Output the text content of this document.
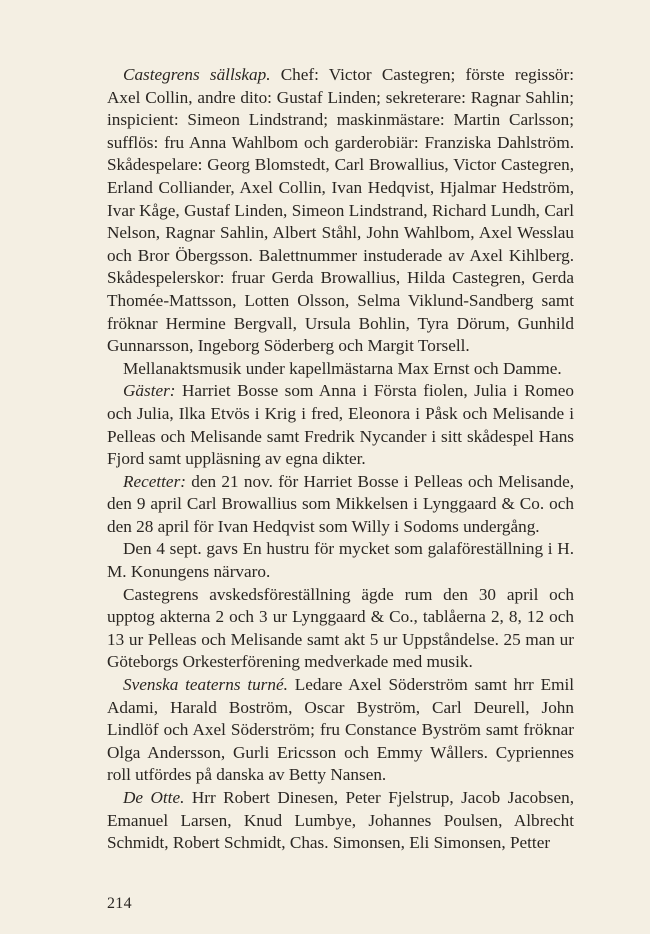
Castegrens sällskap. Chef: Victor Castegren; förste regissör: Axel Collin, andre dito: Gustaf Linden; sekreterare: Ragnar Sahlin; inspicient: Simeon Lindstrand; maskinmästare: Martin Carlsson; sufflös: fru Anna Wahlbom och garderobiär: Franziska Dahlström. Skådespelare: Georg Blomstedt, Carl Browallius, Victor Castegren, Erland Colliander, Axel Collin, Ivan Hedqvist, Hjalmar Hedström, Ivar Kåge, Gustaf Linden, Simeon Lindstrand, Richard Lundh, Carl Nelson, Ragnar Sahlin, Albert Ståhl, John Wahlbom, Axel Wesslau och Bror Öbergsson. Balettnummer instuderade av Axel Kihlberg. Skådespelerskor: fruar Gerda Browallius, Hilda Castegren, Gerda Thomée-Mattsson, Lotten Olsson, Selma Viklund-Sandberg samt fröknar Hermine Bergvall, Ursula Bohlin, Tyra Dörum, Gunhild Gunnarsson, Ingeborg Söderberg och Margit Torsell.

Mellanaktsmusik under kapellmästarna Max Ernst och Damme.

Gäster: Harriet Bosse som Anna i Första fiolen, Julia i Romeo och Julia, Ilka Etvös i Krig i fred, Eleonora i Påsk och Melisande i Pelleas och Melisande samt Fredrik Nycander i sitt skådespel Hans Fjord samt uppläsning av egna dikter.

Recetter: den 21 nov. för Harriet Bosse i Pelleas och Melisande, den 9 april Carl Browallius som Mikkelsen i Lynggaard & Co. och den 28 april för Ivan Hedqvist som Willy i Sodoms undergång.

Den 4 sept. gavs En hustru för mycket som galaföreställning i H. M. Konungens närvaro.

Castegrens avskedsföreställning ägde rum den 30 april och upptog akterna 2 och 3 ur Lynggaard & Co., tablåerna 2, 8, 12 och 13 ur Pelleas och Melisande samt akt 5 ur Uppståndelse. 25 man ur Göteborgs Orkesterförening medverkade med musik.

Svenska teaterns turné. Ledare Axel Söderström samt hrr Emil Adami, Harald Boström, Oscar Byström, Carl Deurell, John Lindlöf och Axel Söderström; fru Constance Byström samt fröknar Olga Andersson, Gurli Ericsson och Emmy Wållers. Cypriennes roll utfördes på danska av Betty Nansen.

De Otte. Hrr Robert Dinesen, Peter Fjelstrup, Jacob Jacobsen, Emanuel Larsen, Knud Lumbye, Johannes Poulsen, Albrecht Schmidt, Robert Schmidt, Chas. Simonsen, Eli Simonsen, Petter

214
